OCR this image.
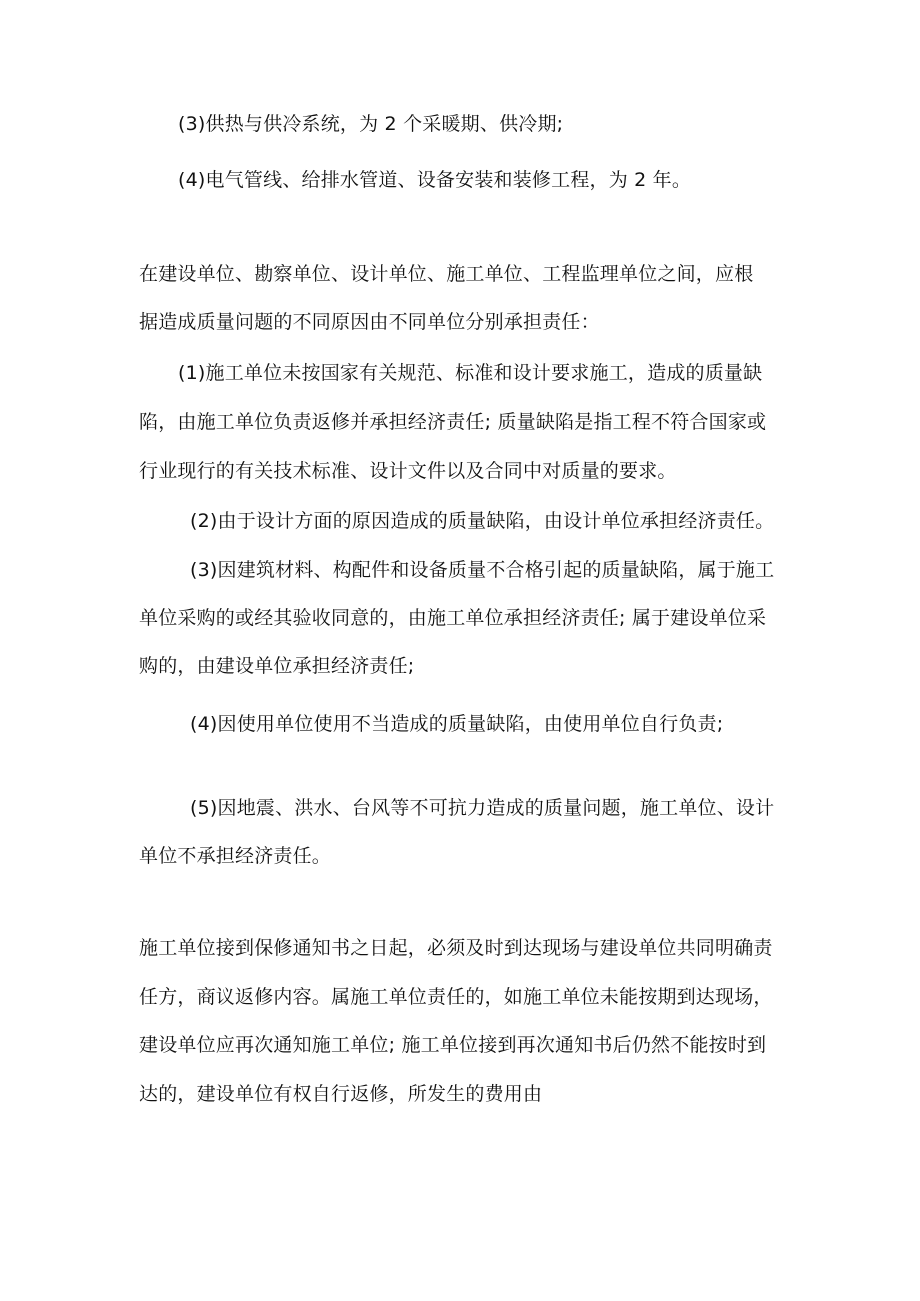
(3)供热与供冷系统，为 2 个采暖期、供冷期;

(4)电气管线、给排水管道、设备安装和装修工程，为 2 年。

在建设单位、勘察单位、设计单位、施工单位、工程监理单位之间，应根

据造成质量问题的不同原因由不同单位分别承担责任：

(1)施工单位未按国家有关规范、标准和设计要求施工，造成的质量缺

陷，由施工单位负责返修并承担经济责任; 质量缺陷是指工程不符合国家或

行业现行的有关技术标准、设计文件以及合同中对质量的要求。

(2)由于设计方面的原因造成的质量缺陷，由设计单位承担经济责任。

(3)因建筑材料、构配件和设备质量不合格引起的质量缺陷，属于施工

单位采购的或经其验收同意的，由施工单位承担经济责任; 属于建设单位采

购的，由建设单位承担经济责任;

(4)因使用单位使用不当造成的质量缺陷，由使用单位自行负责;

(5)因地震、洪水、台风等不可抗力造成的质量问题，施工单位、设计

单位不承担经济责任。

施工单位接到保修通知书之日起，必须及时到达现场与建设单位共同明确责

任方，商议返修内容。属施工单位责任的，如施工单位未能按期到达现场，

建设单位应再次通知施工单位; 施工单位接到再次通知书后仍然不能按时到

达的，建设单位有权自行返修，所发生的费用由
